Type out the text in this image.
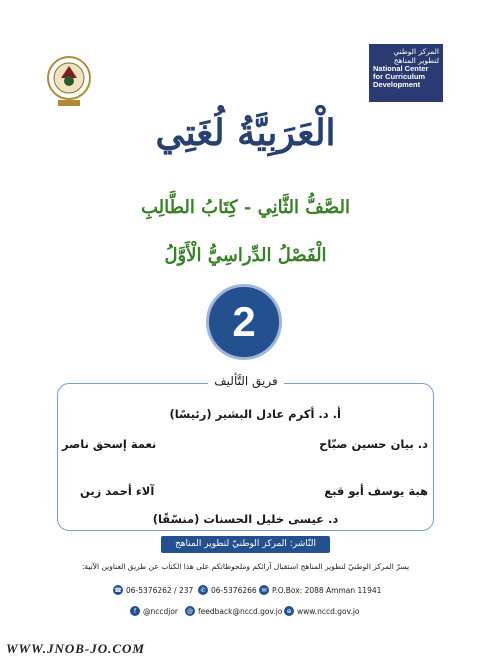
المركز الوطني
لتطوير المناهج
National Center
for Curriculum
Development
الْعَرَبِيَّةُ لُغَتِي
الصَّفُّ الثَّانِي - كِتَابُ الطَّالِبِ
الْفَصْلُ الدِّراسِيُّ الْأَوَّلُ
2
فريق التَّأليف
أ. د. أكرم عادل البشير (رئيسًا)
د. بيان حسين صبّاح
نعمة إسحق ناصر
هبة يوسف أبو قبع
آلاء أحمد زين
د. عيسى خليل الحسنات (منسّقًا)
النّاشر: المركز الوطنيّ لتطوير المناهج
يسرّ المركز الوطنيّ لتطوير المناهج استقبال آرائكم وملحوظاتكم على هذا الكتاب عن طريق العناوين الآتية:
☎ 06-5376262 / 237	✆ 06-5376266 ✉ P.O.Box: 2088 Amman 11941
f @nccdjor	@ feedback@nccd.gov.jo ⊕ www.nccd.gov.jo
WWW.JNOB-JO.COM
